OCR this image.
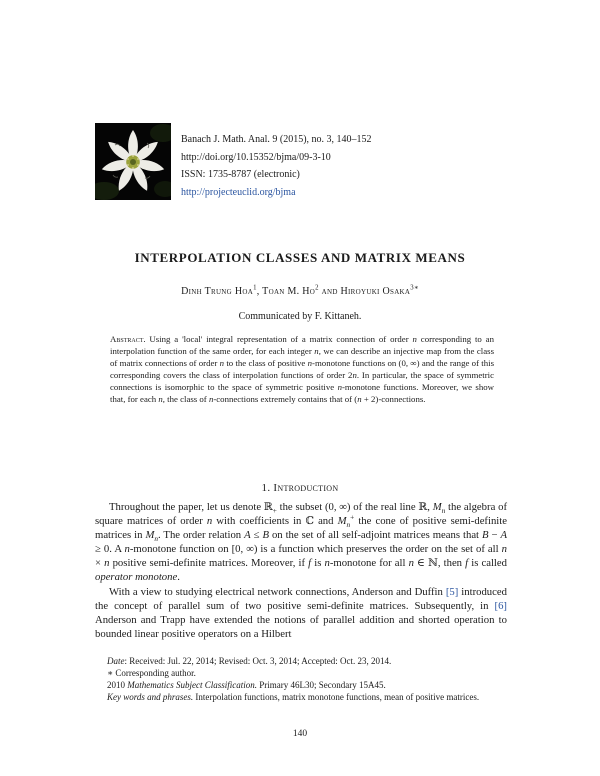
Banach J. Math. Anal. 9 (2015), no. 3, 140–152
http://doi.org/10.15352/bjma/09-3-10
ISSN: 1735-8787 (electronic)
http://projecteuclid.org/bjma
INTERPOLATION CLASSES AND MATRIX MEANS
Dinh Trung Hoa$^1$, Toan M. Ho$^2$ and Hiroyuki Osaka$^{3∗}$
Communicated by F. Kittaneh.
Abstract. Using a 'local' integral representation of a matrix connection of order n corresponding to an interpolation function of the same order, for each integer n, we can describe an injective map from the class of matrix connections of order n to the class of positive n-monotone functions on (0, ∞) and the range of this corresponding covers the class of interpolation functions of order 2n. In particular, the space of symmetric connections is isomorphic to the space of symmetric positive n-monotone functions. Moreover, we show that, for each n, the class of n-connections extremely contains that of (n + 2)-connections.
1. Introduction

Throughout the paper, let us denote ℝ$_+$ the subset (0, ∞) of the real line ℝ, $M_n$ the algebra of square matrices of order n with coefficients in ℂ and $M_n^+$ the cone of positive semi-definite matrices in $M_n$. The order relation A ≤ B on the set of all self-adjoint matrices means that B − A ≥ 0. A n-monotone function on [0, ∞) is a function which preserves the order on the set of all n × n positive semi-definite matrices. Moreover, if f is n-monotone for all n ∈ ℕ, then f is called operator monotone.

With a view to studying electrical network connections, Anderson and Duffin [5] introduced the concept of parallel sum of two positive semi-definite matrices. Subsequently, in [6] Anderson and Trapp have extended the notions of parallel addition and shorted operation to bounded linear positive operators on a Hilbert

Date: Received: Jul. 22, 2014; Revised: Oct. 3, 2014; Accepted: Oct. 23, 2014.

∗ Corresponding author.

2010 Mathematics Subject Classification. Primary 46L30; Secondary 15A45.

Key words and phrases. Interpolation functions, matrix monotone functions, mean of positive matrices.

140
